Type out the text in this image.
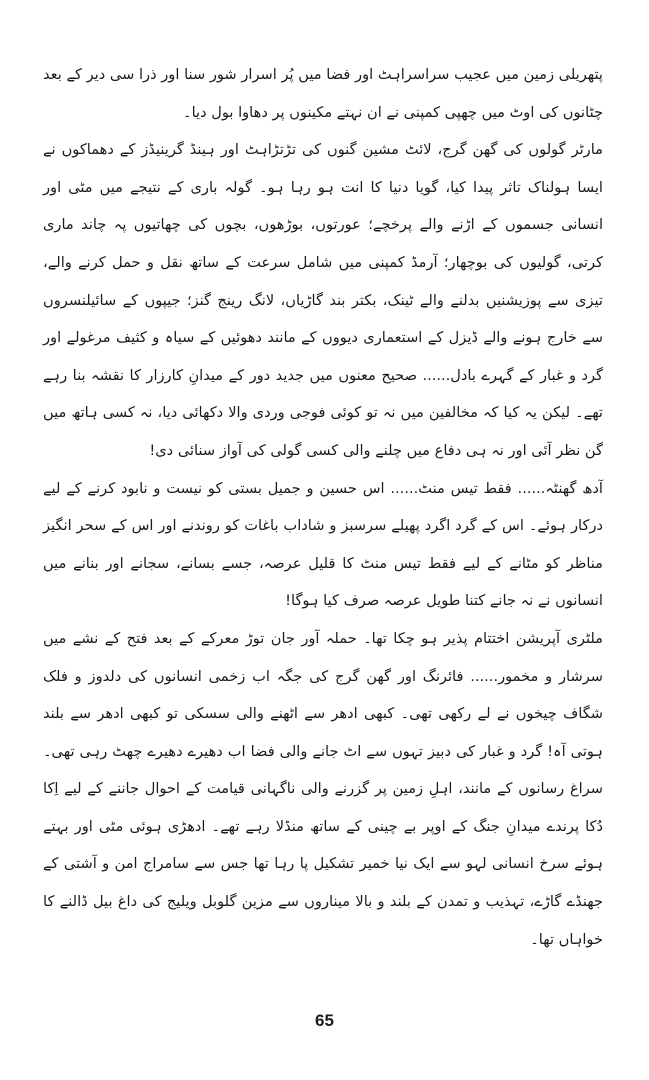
پتھریلی زمین میں عجیب سراسراہٹ اور فضا میں پُر اسرار شور سنا اور ذرا سی دیر کے بعد چٹانوں کی اوٹ میں چھپی کمپنی نے ان نہتے مکینوں پر دھاوا بول دیا۔

مارٹر گولوں کی گھن گرج، لائٹ مشین گنوں کی تڑتڑاہٹ اور ہینڈ گرینیڈز کے دھماکوں نے ایسا ہولناک تاثر پیدا کیا، گویا دنیا کا انت ہو رہا ہو۔ گولہ باری کے نتیجے میں مٹی اور انسانی جسموں کے اڑنے والے پرخچے؛ عورتوں، بوڑھوں، بچوں کی چھاتیوں پہ چاند ماری کرتی، گولیوں کی بوچھار؛ آرمڈ کمپنی میں شامل سرعت کے ساتھ نقل و حمل کرنے والے، تیزی سے پوزیشنیں بدلنے والے ٹینک، بکتر بند گاڑیاں، لانگ رینج گنز؛ جیپوں کے سائیلنسروں سے خارج ہونے والے ڈیزل کے استعماری دیووں کے مانند دھوئیں کے سیاہ و کثیف مرغولے اور گرد و غبار کے گہرے بادل...... صحیح معنوں میں جدید دور کے میدانِ کارزار کا نقشہ بنا رہے تھے۔ لیکن یہ کیا کہ مخالفین میں نہ تو کوئی فوجی وردی والا دکھائی دیا، نہ کسی ہاتھ میں گن نظر آئی اور نہ ہی دفاع میں چلنے والی کسی گولی کی آواز سنائی دی!

آدھ گھنٹہ...... فقط تیس منٹ...... اس حسین و جمیل بستی کو نیست و نابود کرنے کے لیے درکار ہوئے۔ اس کے گرد اگرد پھیلے سرسبز و شاداب باغات کو روندنے اور اس کے سحر انگیز مناظر کو مٹانے کے لیے فقط تیس منٹ کا قلیل عرصہ، جسے بسانے، سجانے اور بنانے میں انسانوں نے نہ جانے کتنا طویل عرصہ صرف کیا ہوگا!

ملٹری آپریشن اختتام پذیر ہو چکا تھا۔ حملہ آور جان توڑ معرکے کے بعد فتح کے نشے میں سرشار و مخمور...... فائرنگ اور گھن گرج کی جگہ اب زخمی انسانوں کی دلدوز و فلک شگاف چیخوں نے لے رکھی تھی۔ کبھی ادھر سے اٹھنے والی سسکی تو کبھی ادھر سے بلند ہوتی آہ! گرد و غبار کی دبیز تہوں سے اٹ جانے والی فضا اب دھیرے دھیرے چھٹ رہی تھی۔ سراغ رسانوں کے مانند، اہلِ زمین پر گزرنے والی ناگہانی قیامت کے احوال جاننے کے لیے اِکا دُکا پرندے میدانِ جنگ کے اوپر بے چینی کے ساتھ منڈلا رہے تھے۔ ادھڑی ہوئی مٹی اور بہتے ہوئے سرخ انسانی لہو سے ایک نیا خمیر تشکیل پا رہا تھا جس سے سامراج امن و آشتی کے جھنڈے گاڑے، تہذیب و تمدن کے بلند و بالا میناروں سے مزین گلوبل ویلیج کی داغ بیل ڈالنے کا خواہاں تھا۔

65
